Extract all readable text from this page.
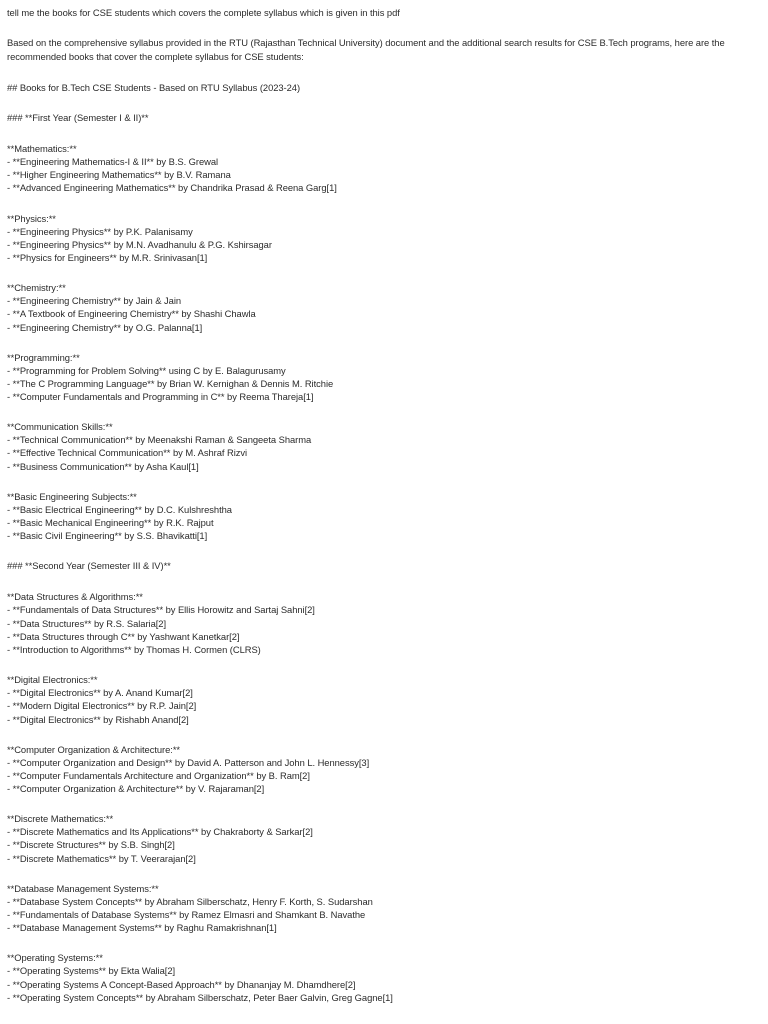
tell me the books for CSE students which covers the complete syllabus which is given in this pdf
Based on the comprehensive syllabus provided in the RTU (Rajasthan Technical University) document and the additional search results for CSE B.Tech programs, here are the recommended books that cover the complete syllabus for CSE students:
## Books for B.Tech CSE Students - Based on RTU Syllabus (2023-24)
### **First Year (Semester I & II)**
**Mathematics:**
- **Engineering Mathematics-I & II** by B.S. Grewal
- **Higher Engineering Mathematics** by B.V. Ramana
- **Advanced Engineering Mathematics** by Chandrika Prasad & Reena Garg[1]
**Physics:**
- **Engineering Physics** by P.K. Palanisamy
- **Engineering Physics** by M.N. Avadhanulu & P.G. Kshirsagar
- **Physics for Engineers** by M.R. Srinivasan[1]
**Chemistry:**
- **Engineering Chemistry** by Jain & Jain
- **A Textbook of Engineering Chemistry** by Shashi Chawla
- **Engineering Chemistry** by O.G. Palanna[1]
**Programming:**
- **Programming for Problem Solving** using C by E. Balagurusamy
- **The C Programming Language** by Brian W. Kernighan & Dennis M. Ritchie
- **Computer Fundamentals and Programming in C** by Reema Thareja[1]
**Communication Skills:**
- **Technical Communication** by Meenakshi Raman & Sangeeta Sharma
- **Effective Technical Communication** by M. Ashraf Rizvi
- **Business Communication** by Asha Kaul[1]
**Basic Engineering Subjects:**
- **Basic Electrical Engineering** by D.C. Kulshreshtha
- **Basic Mechanical Engineering** by R.K. Rajput
- **Basic Civil Engineering** by S.S. Bhavikatti[1]
### **Second Year (Semester III & IV)**
**Data Structures & Algorithms:**
- **Fundamentals of Data Structures** by Ellis Horowitz and Sartaj Sahni[2]
- **Data Structures** by R.S. Salaria[2]
- **Data Structures through C** by Yashwant Kanetkar[2]
- **Introduction to Algorithms** by Thomas H. Cormen (CLRS)
**Digital Electronics:**
- **Digital Electronics** by A. Anand Kumar[2]
- **Modern Digital Electronics** by R.P. Jain[2]
- **Digital Electronics** by Rishabh Anand[2]
**Computer Organization & Architecture:**
- **Computer Organization and Design** by David A. Patterson and John L. Hennessy[3]
- **Computer Fundamentals Architecture and Organization** by B. Ram[2]
- **Computer Organization & Architecture** by V. Rajaraman[2]
**Discrete Mathematics:**
- **Discrete Mathematics and Its Applications** by Chakraborty & Sarkar[2]
- **Discrete Structures** by S.B. Singh[2]
- **Discrete Mathematics** by T. Veerarajan[2]
**Database Management Systems:**
- **Database System Concepts** by Abraham Silberschatz, Henry F. Korth, S. Sudarshan
- **Fundamentals of Database Systems** by Ramez Elmasri and Shamkant B. Navathe
- **Database Management Systems** by Raghu Ramakrishnan[1]
**Operating Systems:**
- **Operating Systems** by Ekta Walia[2]
- **Operating Systems A Concept-Based Approach** by Dhananjay M. Dhamdhere[2]
- **Operating System Concepts** by Abraham Silberschatz, Peter Baer Galvin, Greg Gagne[1]
